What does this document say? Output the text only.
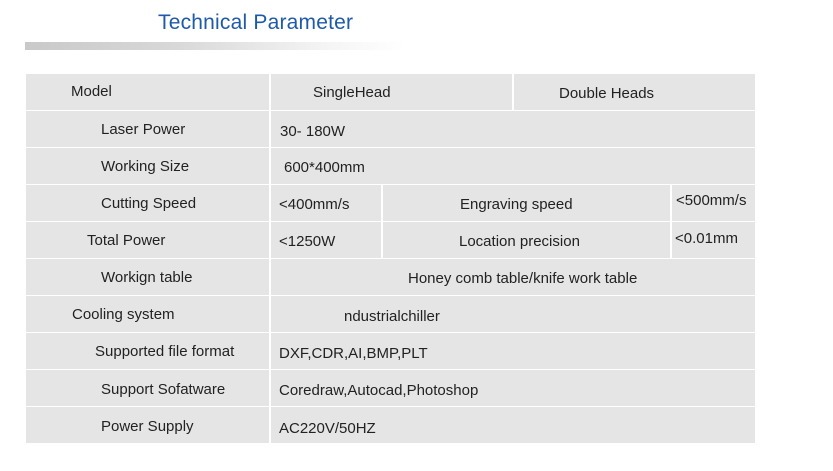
Technical Parameter
Model	SingleHead	Double Heads
Laser Power	30- 180W
Working Size	600*400mm
Cutting Speed	<400mm/s	Engraving speed	<500mm/s
Total Power	<1250W	Location precision	<0.01mm
Workign table	Honey comb table/knife work table
Cooling system	ndustrialchiller
Supported file format	DXF,CDR,AI,BMP,PLT
Support Sofatware	Coredraw,Autocad,Photoshop
Power Supply	AC220V/50HZ
